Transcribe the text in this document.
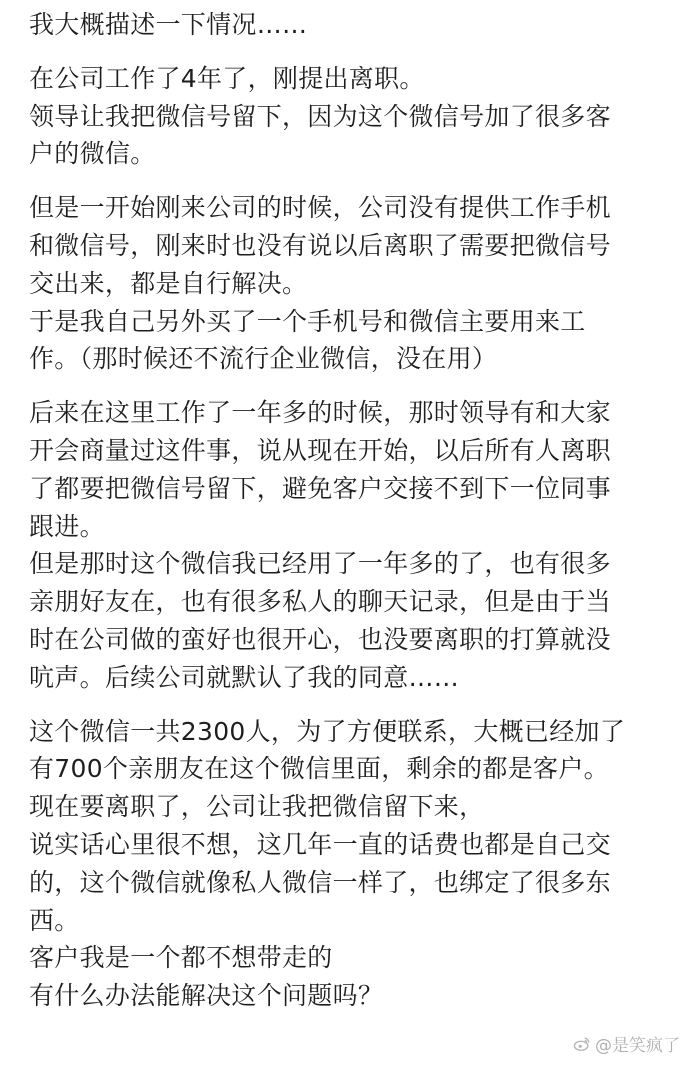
我大概描述一下情况……
在公司工作了4年了，刚提出离职。
领导让我把微信号留下，因为这个微信号加了很多客
户的微信。
但是一开始刚来公司的时候，公司没有提供工作手机
和微信号，刚来时也没有说以后离职了需要把微信号
交出来，都是自行解决。
于是我自己另外买了一个手机号和微信主要用来工
作。（那时候还不流行企业微信，没在用）
后来在这里工作了一年多的时候，那时领导有和大家
开会商量过这件事，说从现在开始，以后所有人离职
了都要把微信号留下，避免客户交接不到下一位同事
跟进。
但是那时这个微信我已经用了一年多的了，也有很多
亲朋好友在，也有很多私人的聊天记录，但是由于当
时在公司做的蛮好也很开心，也没要离职的打算就没
吭声。后续公司就默认了我的同意……
这个微信一共2300人，为了方便联系，大概已经加了
有700个亲朋友在这个微信里面，剩余的都是客户。
现在要离职了，公司让我把微信留下来，
说实话心里很不想，这几年一直的话费也都是自己交
的，这个微信就像私人微信一样了，也绑定了很多东
西。
客户我是一个都不想带走的
有什么办法能解决这个问题吗？
@是笑疯了
